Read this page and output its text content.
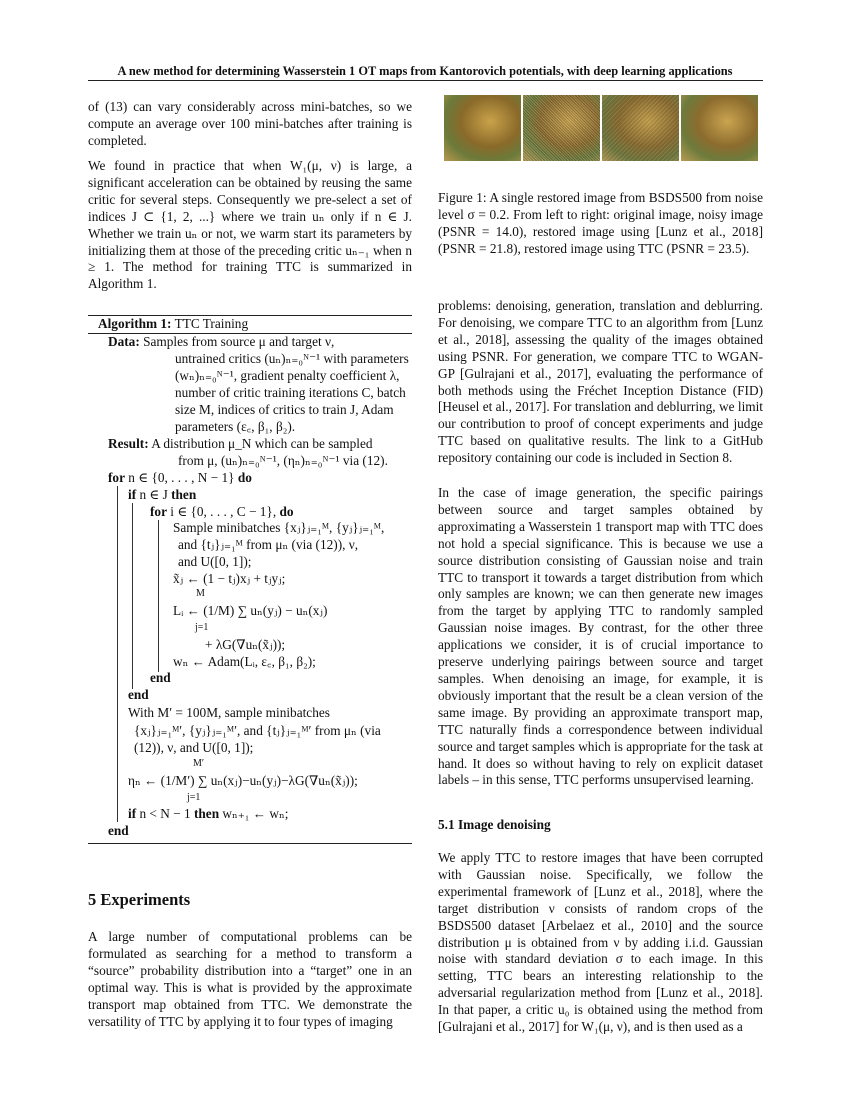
A new method for determining Wasserstein 1 OT maps from Kantorovich potentials, with deep learning applications

of (13) can vary considerably across mini-batches, so we compute an average over 100 mini-batches after training is completed.

We found in practice that when W₁(μ, ν) is large, a significant acceleration can be obtained by reusing the same critic for several steps. Consequently we pre-select a set of indices J ⊂ {1, 2, ...} where we train uₙ only if n ∈ J. Whether we train uₙ or not, we warm start its parameters by initializing them at those of the preceding critic uₙ₋₁ when n ≥ 1. The method for training TTC is summarized in Algorithm 1.

Algorithm 1: TTC Training
Data: Samples from source μ and target ν,
untrained critics (uₙ)ₙ₌₀ᴺ⁻¹ with parameters
(wₙ)ₙ₌₀ᴺ⁻¹, gradient penalty coefficient λ,
number of critic training iterations C, batch
size M, indices of critics to train J, Adam
parameters (ε꜀, β₁, β₂).
Result: A distribution μ_N which can be sampled
from μ, (uₙ)ₙ₌₀ᴺ⁻¹, (ηₙ)ₙ₌₀ᴺ⁻¹ via (12).
for n ∈ {0, . . . , N − 1} do
if n ∈ J then
for i ∈ {0, . . . , C − 1}, do
Sample minibatches {xⱼ}ⱼ₌₁ᴹ, {yⱼ}ⱼ₌₁ᴹ,
and {tⱼ}ⱼ₌₁ᴹ from μₙ (via (12)), ν,
and U([0, 1]);
x̃ⱼ ← (1 − tⱼ)xⱼ + tⱼyⱼ;
M
Lᵢ ← (1/M) ∑ uₙ(yⱼ) − uₙ(xⱼ)
j=1
+ λG(∇uₙ(x̃ⱼ));
wₙ ← Adam(Lᵢ, ε꜀, β₁, β₂);
end
end
With M′ = 100M, sample minibatches
{xⱼ}ⱼ₌₁ᴹ′, {yⱼ}ⱼ₌₁ᴹ′, and {tⱼ}ⱼ₌₁ᴹ′ from μₙ (via
(12)), ν, and U([0, 1]);
M′
ηₙ ← (1/M′) ∑ uₙ(xⱼ)−uₙ(yⱼ)−λG(∇uₙ(x̃ⱼ));
j=1
if n < N − 1 then wₙ₊₁ ← wₙ;
end
5 Experiments

A large number of computational problems can be formulated as searching for a method to transform a “source” probability distribution into a “target” one in an optimal way. This is what is provided by the approximate transport map obtained from TTC. We demonstrate the versatility of TTC by applying it to four types of imaging

Figure 1: A single restored image from BSDS500 from noise level σ = 0.2. From left to right: original image, noisy image (PSNR = 14.0), restored image using [Lunz et al., 2018] (PSNR = 21.8), restored image using TTC (PSNR = 23.5).

problems: denoising, generation, translation and deblurring. For denoising, we compare TTC to an algorithm from [Lunz et al., 2018], assessing the quality of the images obtained using PSNR. For generation, we compare TTC to WGAN-GP [Gulrajani et al., 2017], evaluating the performance of both methods using the Fréchet Inception Distance (FID) [Heusel et al., 2017]. For translation and deblurring, we limit our contribution to proof of concept experiments and judge TTC based on qualitative results. The link to a GitHub repository containing our code is included in Section 8.

In the case of image generation, the specific pairings between source and target samples obtained by approximating a Wasserstein 1 transport map with TTC does not hold a special significance. This is because we use a source distribution consisting of Gaussian noise and train TTC to transport it towards a target distribution from which only samples are known; we can then generate new images from the target by applying TTC to randomly sampled Gaussian noise images. By contrast, for the other three applications we consider, it is of crucial importance to preserve underlying pairings between source and target samples. When denoising an image, for example, it is obviously important that the result be a clean version of the same image. By providing an approximate transport map, TTC naturally finds a correspondence between individual source and target samples which is appropriate for the task at hand. It does so without having to rely on explicit dataset labels – in this sense, TTC performs unsupervised learning.

5.1 Image denoising

We apply TTC to restore images that have been corrupted with Gaussian noise. Specifically, we follow the experimental framework of [Lunz et al., 2018], where the target distribution ν consists of random crops of the BSDS500 dataset [Arbelaez et al., 2010] and the source distribution μ is obtained from ν by adding i.i.d. Gaussian noise with standard deviation σ to each image. In this setting, TTC bears an interesting relationship to the adversarial regularization method from [Lunz et al., 2018]. In that paper, a critic u₀ is obtained using the method from [Gulrajani et al., 2017] for W₁(μ, ν), and is then used as a
